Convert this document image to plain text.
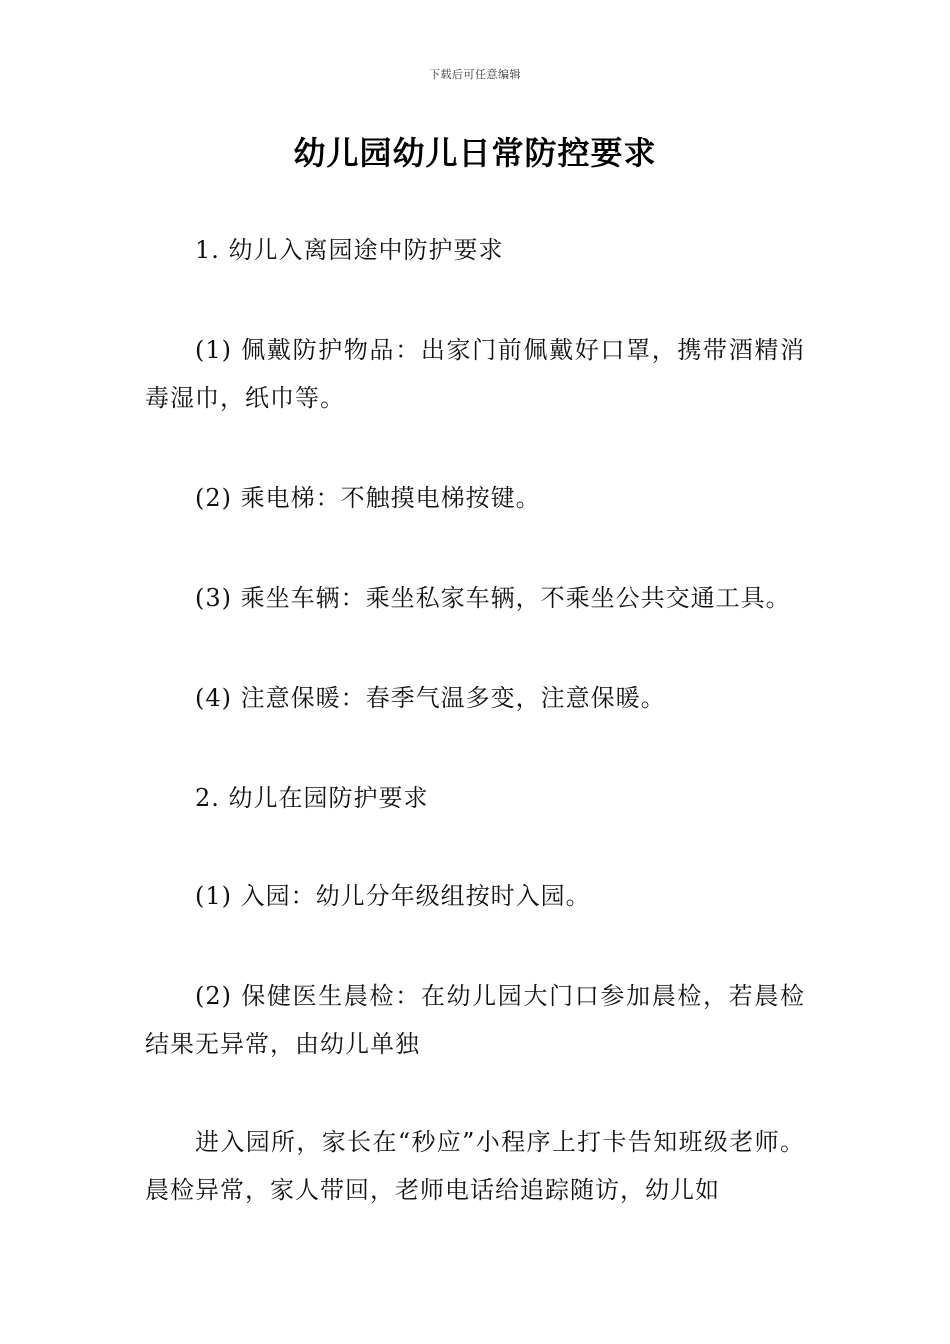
下载后可任意编辑
幼儿园幼儿日常防控要求

1. 幼儿入离园途中防护要求

(1) 佩戴防护物品：出家门前佩戴好口罩，携带酒精消毒湿巾，纸巾等。

(2) 乘电梯：不触摸电梯按键。

(3) 乘坐车辆：乘坐私家车辆，不乘坐公共交通工具。

(4) 注意保暖：春季气温多变，注意保暖。

2. 幼儿在园防护要求

(1) 入园：幼儿分年级组按时入园。

(2) 保健医生晨检：在幼儿园大门口参加晨检，若晨检结果无异常，由幼儿单独

进入园所，家长在“秒应”小程序上打卡告知班级老师。晨检异常，家人带回，老师电话给追踪随访，幼儿如
